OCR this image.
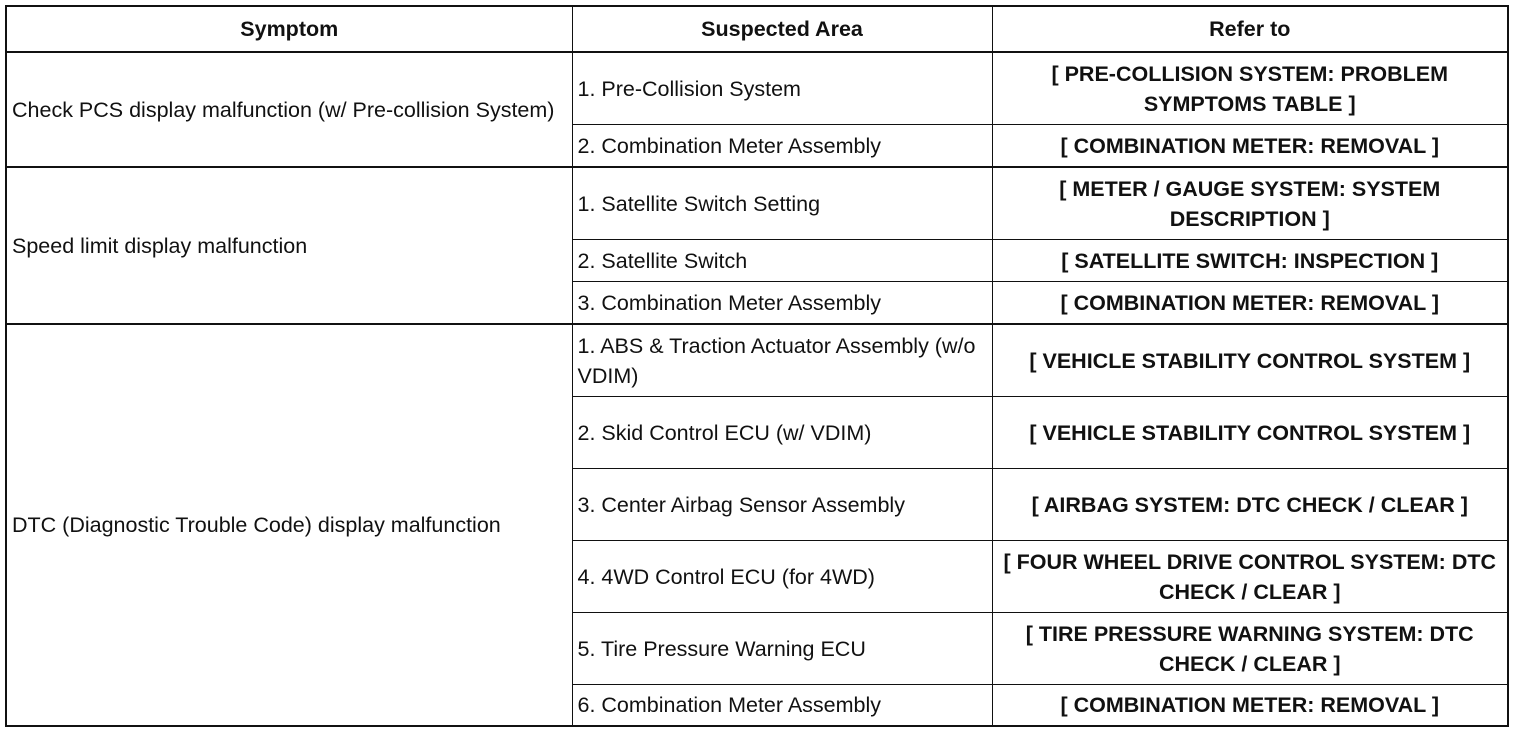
Symptom	Suspected Area	Refer to
Check PCS display malfunction (w/ Pre-collision System)	1. Pre-Collision System	[ PRE-COLLISION SYSTEM: PROBLEM SYMPTOMS TABLE ]
	2. Combination Meter Assembly	[ COMBINATION METER: REMOVAL ]
Speed limit display malfunction	1. Satellite Switch Setting	[ METER / GAUGE SYSTEM: SYSTEM DESCRIPTION ]
	2. Satellite Switch	[ SATELLITE SWITCH: INSPECTION ]
	3. Combination Meter Assembly	[ COMBINATION METER: REMOVAL ]
DTC (Diagnostic Trouble Code) display malfunction	1. ABS & Traction Actuator Assembly (w/o VDIM)	[ VEHICLE STABILITY CONTROL SYSTEM ]
	2. Skid Control ECU (w/ VDIM)	[ VEHICLE STABILITY CONTROL SYSTEM ]
	3. Center Airbag Sensor Assembly	[ AIRBAG SYSTEM: DTC CHECK / CLEAR ]
	4. 4WD Control ECU (for 4WD)	[ FOUR WHEEL DRIVE CONTROL SYSTEM: DTC CHECK / CLEAR ]
	5. Tire Pressure Warning ECU	[ TIRE PRESSURE WARNING SYSTEM: DTC CHECK / CLEAR ]
	6. Combination Meter Assembly	[ COMBINATION METER: REMOVAL ]
